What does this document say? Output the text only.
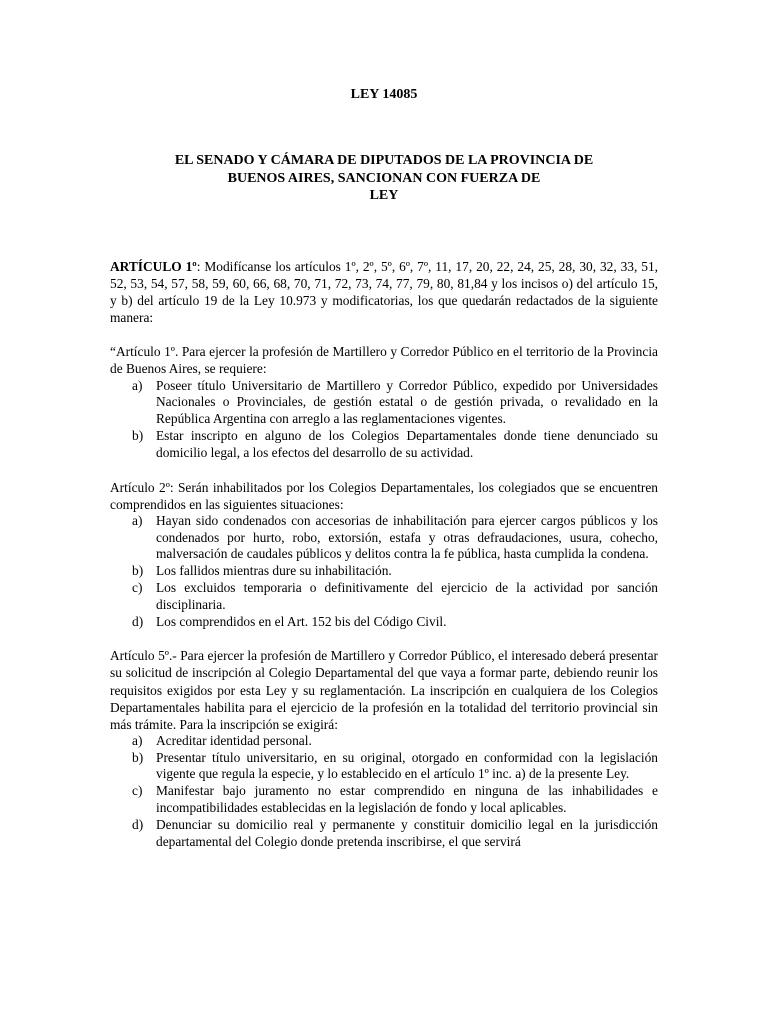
LEY 14085
EL SENADO Y CÁMARA DE DIPUTADOS DE LA PROVINCIA DE
BUENOS AIRES, SANCIONAN CON FUERZA DE
LEY

ARTÍCULO 1º: Modifícanse los artículos 1º, 2º, 5º, 6º, 7º, 11, 17, 20, 22, 24, 25, 28, 30, 32, 33, 51, 52, 53, 54, 57, 58, 59, 60, 66, 68, 70, 71, 72, 73, 74, 77, 79, 80, 81,84 y los incisos o) del artículo 15, y b) del artículo 19 de la Ley 10.973 y modificatorias, los que quedarán redactados de la siguiente manera:

“Artículo 1º. Para ejercer la profesión de Martillero y Corredor Público en el territorio de la Provincia de Buenos Aires, se requiere:

a) Poseer título Universitario de Martillero y Corredor Público, expedido por Universidades Nacionales o Provinciales, de gestión estatal o de gestión privada, o revalidado en la República Argentina con arreglo a las reglamentaciones vigentes.
b) Estar inscripto en alguno de los Colegios Departamentales donde tiene denunciado su domicilio legal, a los efectos del desarrollo de su actividad.

Artículo 2º: Serán inhabilitados por los Colegios Departamentales, los colegiados que se encuentren comprendidos en las siguientes situaciones:

a) Hayan sido condenados con accesorias de inhabilitación para ejercer cargos públicos y los condenados por hurto, robo, extorsión, estafa y otras defraudaciones, usura, cohecho, malversación de caudales públicos y delitos contra la fe pública, hasta cumplida la condena.
b) Los fallidos mientras dure su inhabilitación.
c) Los excluidos temporaria o definitivamente del ejercicio de la actividad por sanción disciplinaria.
d) Los comprendidos en el Art. 152 bis del Código Civil.

Artículo 5º.- Para ejercer la profesión de Martillero y Corredor Público, el interesado deberá presentar su solicitud de inscripción al Colegio Departamental del que vaya a formar parte, debiendo reunir los requisitos exigidos por esta Ley y su reglamentación. La inscripción en cualquiera de los Colegios Departamentales habilita para el ejercicio de la profesión en la totalidad del territorio provincial sin más trámite. Para la inscripción se exigirá:

a) Acreditar identidad personal.
b) Presentar título universitario, en su original, otorgado en conformidad con la legislación vigente que regula la especie, y lo establecido en el artículo 1º inc. a) de la presente Ley.
c) Manifestar bajo juramento no estar comprendido en ninguna de las inhabilidades e incompatibilidades establecidas en la legislación de fondo y local aplicables.
d) Denunciar su domicilio real y permanente y constituir domicilio legal en la jurisdicción departamental del Colegio donde pretenda inscribirse, el que servirá
